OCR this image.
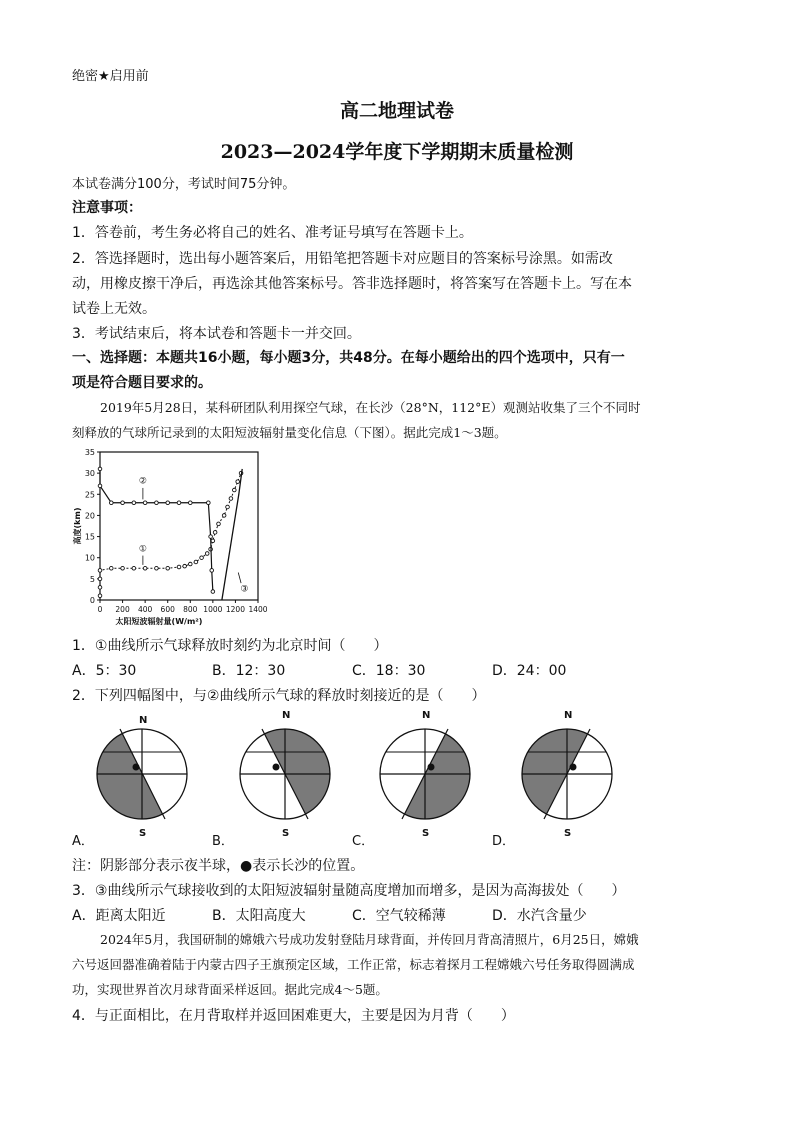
绝密★启用前
高二地理试卷
2023—2024学年度下学期期末质量检测
本试卷满分100分，考试时间75分钟。
注意事项：
1．答卷前，考生务必将自己的姓名、准考证号填写在答题卡上。
2．答选择题时，选出每小题答案后，用铅笔把答题卡对应题目的答案标号涂黑。如需改
动，用橡皮擦干净后，再选涂其他答案标号。答非选择题时，将答案写在答题卡上。写在本
试卷上无效。
3．考试结束后，将本试卷和答题卡一并交回。
一、选择题：本题共16小题，每小题3分，共48分。在每小题给出的四个选项中，只有一
项是符合题目要求的。
2019年5月28日，某科研团队利用探空气球，在长沙（28°N，112°E）观测站收集了三个不同时
刻释放的气球所记录到的太阳短波辐射量变化信息（下图）。据此完成1～3题。
0
5
10
15
20
25
30
35
0 200 400 600 800 1000 1200 1400
太阳短波辐射量(W/m²)
高度(km)
①
②
③
1．①曲线所示气球释放时刻约为北京时间（　　）
A．5：30	B．12：30	C．18：30	D．24：00
2．下列四幅图中，与②曲线所示气球的释放时刻接近的是（　　）
N
S
N
S
N
S
N
S
A．	B．	C．	D．
注：阴影部分表示夜半球，●表示长沙的位置。
3．③曲线所示气球接收到的太阳短波辐射量随高度增加而增多，是因为高海拔处（　　）
A．距离太阳近	B．太阳高度大	C．空气较稀薄	D．水汽含量少
2024年5月，我国研制的嫦娥六号成功发射登陆月球背面，并传回月背高清照片，6月25日，嫦娥
六号返回器准确着陆于内蒙古四子王旗预定区域，工作正常，标志着探月工程嫦娥六号任务取得圆满成
功，实现世界首次月球背面采样返回。据此完成4～5题。
4．与正面相比，在月背取样并返回困难更大，主要是因为月背（　　）
